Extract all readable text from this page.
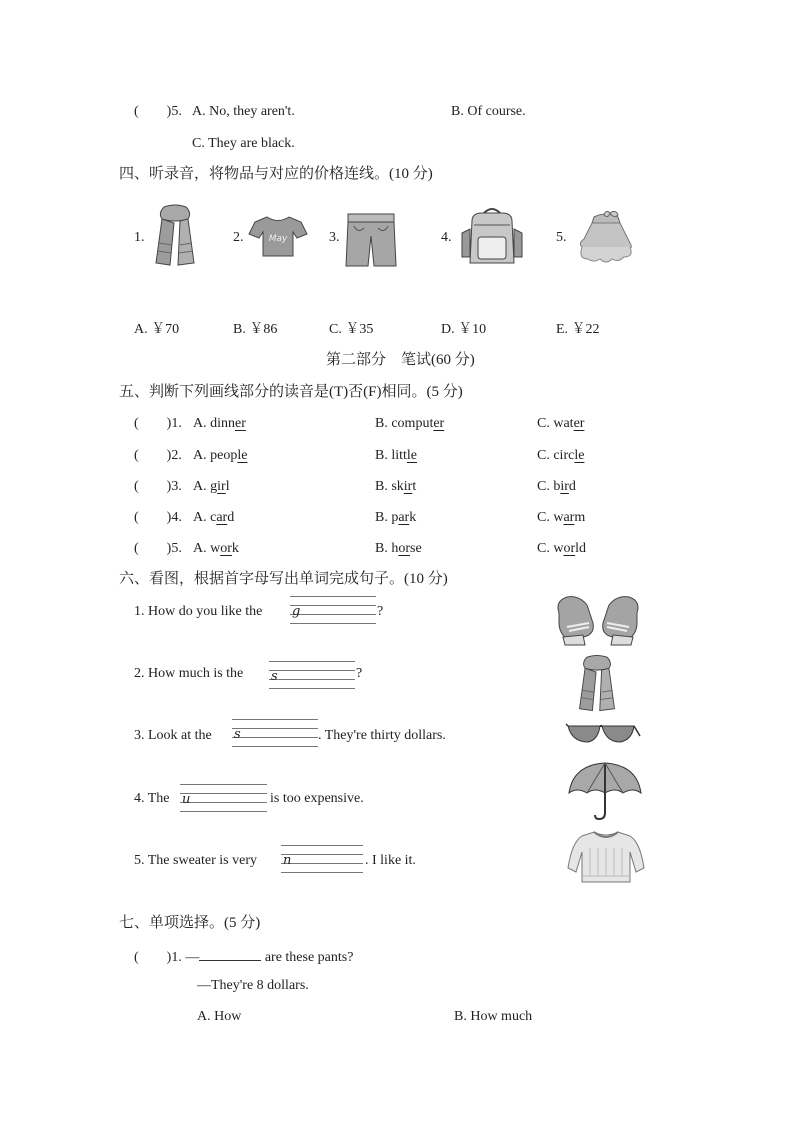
(　　)5. A. No, they aren't.	B. Of course.
C. They are black.
四、听录音，将物品与对应的价格连线。(10 分)
1.	2.	3.	4.	5.
May
A. ￥70	B. ￥86	C. ￥35	D. ￥10	E. ￥22
第二部分　笔试(60 分)
五、判断下列画线部分的读音是(T)否(F)相同。(5 分)
(　　)1. A. dinner	B. computer	C. water
(　　)2. A. people	B. little	C. circle
(　　)3. A. girl	B. skirt	C. bird
(　　)4. A. card	B. park	C. warm
(　　)5. A. work	B. horse	C. world
六、看图，根据首字母写出单词完成句子。(10 分)
1. How do you like the g	?
2. How much is the s	?
3. Look at the s	. They're thirty dollars.
4. The u	is too expensive.
5. The sweater is very n	. I like it.
七、单项选择。(5 分)
(　　)1. —	are these pants?
—They're 8 dollars.
A. How	B. How much
